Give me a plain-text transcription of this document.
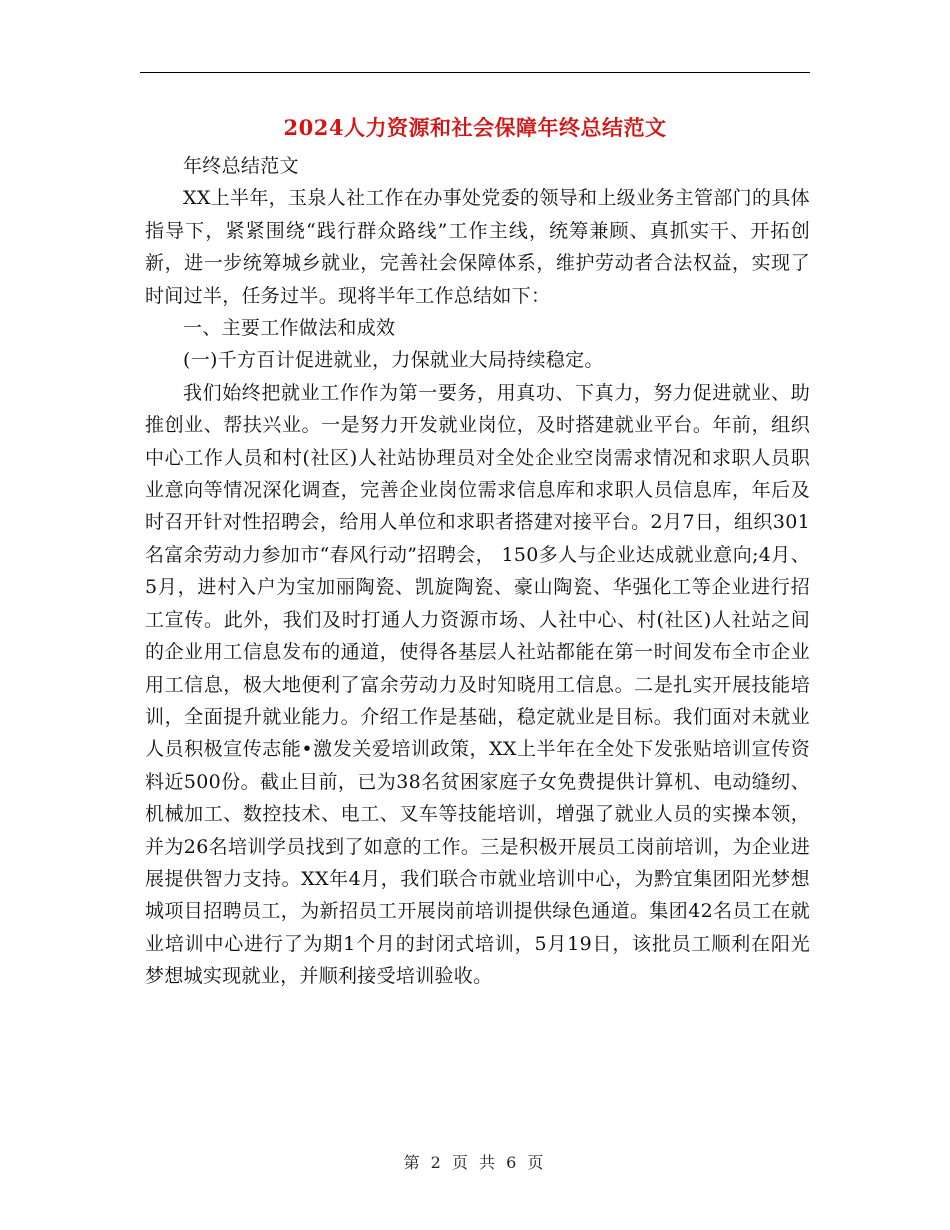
2024人力资源和社会保障年终总结范文

年终总结范文

XX上半年，玉泉人社工作在办事处党委的领导和上级业务主管部门的具体指导下，紧紧围绕“践行群众路线”工作主线，统筹兼顾、真抓实干、开拓创新，进一步统筹城乡就业，完善社会保障体系，维护劳动者合法权益，实现了时间过半，任务过半。现将半年工作总结如下：

一、主要工作做法和成效

(一)千方百计促进就业，力保就业大局持续稳定。

我们始终把就业工作作为第一要务，用真功、下真力，努力促进就业、助推创业、帮扶兴业。一是努力开发就业岗位，及时搭建就业平台。年前，组织中心工作人员和村(社区)人社站协理员对全处企业空岗需求情况和求职人员职业意向等情况深化调查，完善企业岗位需求信息库和求职人员信息库，年后及时召开针对性招聘会，给用人单位和求职者搭建对接平台。2月7日，组织301名富余劳动力参加市“春风行动”招聘会， 150多人与企业达成就业意向;4月、5月，进村入户为宝加丽陶瓷、凯旋陶瓷、豪山陶瓷、华强化工等企业进行招工宣传。此外，我们及时打通人力资源市场、人社中心、村(社区)人社站之间的企业用工信息发布的通道，使得各基层人社站都能在第一时间发布全市企业用工信息，极大地便利了富余劳动力及时知晓用工信息。二是扎实开展技能培训，全面提升就业能力。介绍工作是基础，稳定就业是目标。我们面对未就业人员积极宣传志能•激发关爱培训政策，XX上半年在全处下发张贴培训宣传资料近500份。截止目前，已为38名贫困家庭子女免费提供计算机、电动缝纫、机械加工、数控技术、电工、叉车等技能培训，增强了就业人员的实操本领，并为26名培训学员找到了如意的工作。三是积极开展员工岗前培训，为企业进展提供智力支持。XX年4月，我们联合市就业培训中心，为黔宜集团阳光梦想城项目招聘员工，为新招员工开展岗前培训提供绿色通道。集团42名员工在就业培训中心进行了为期1个月的封闭式培训，5月19日，该批员工顺利在阳光梦想城实现就业，并顺利接受培训验收。

第 2 页 共 6 页
